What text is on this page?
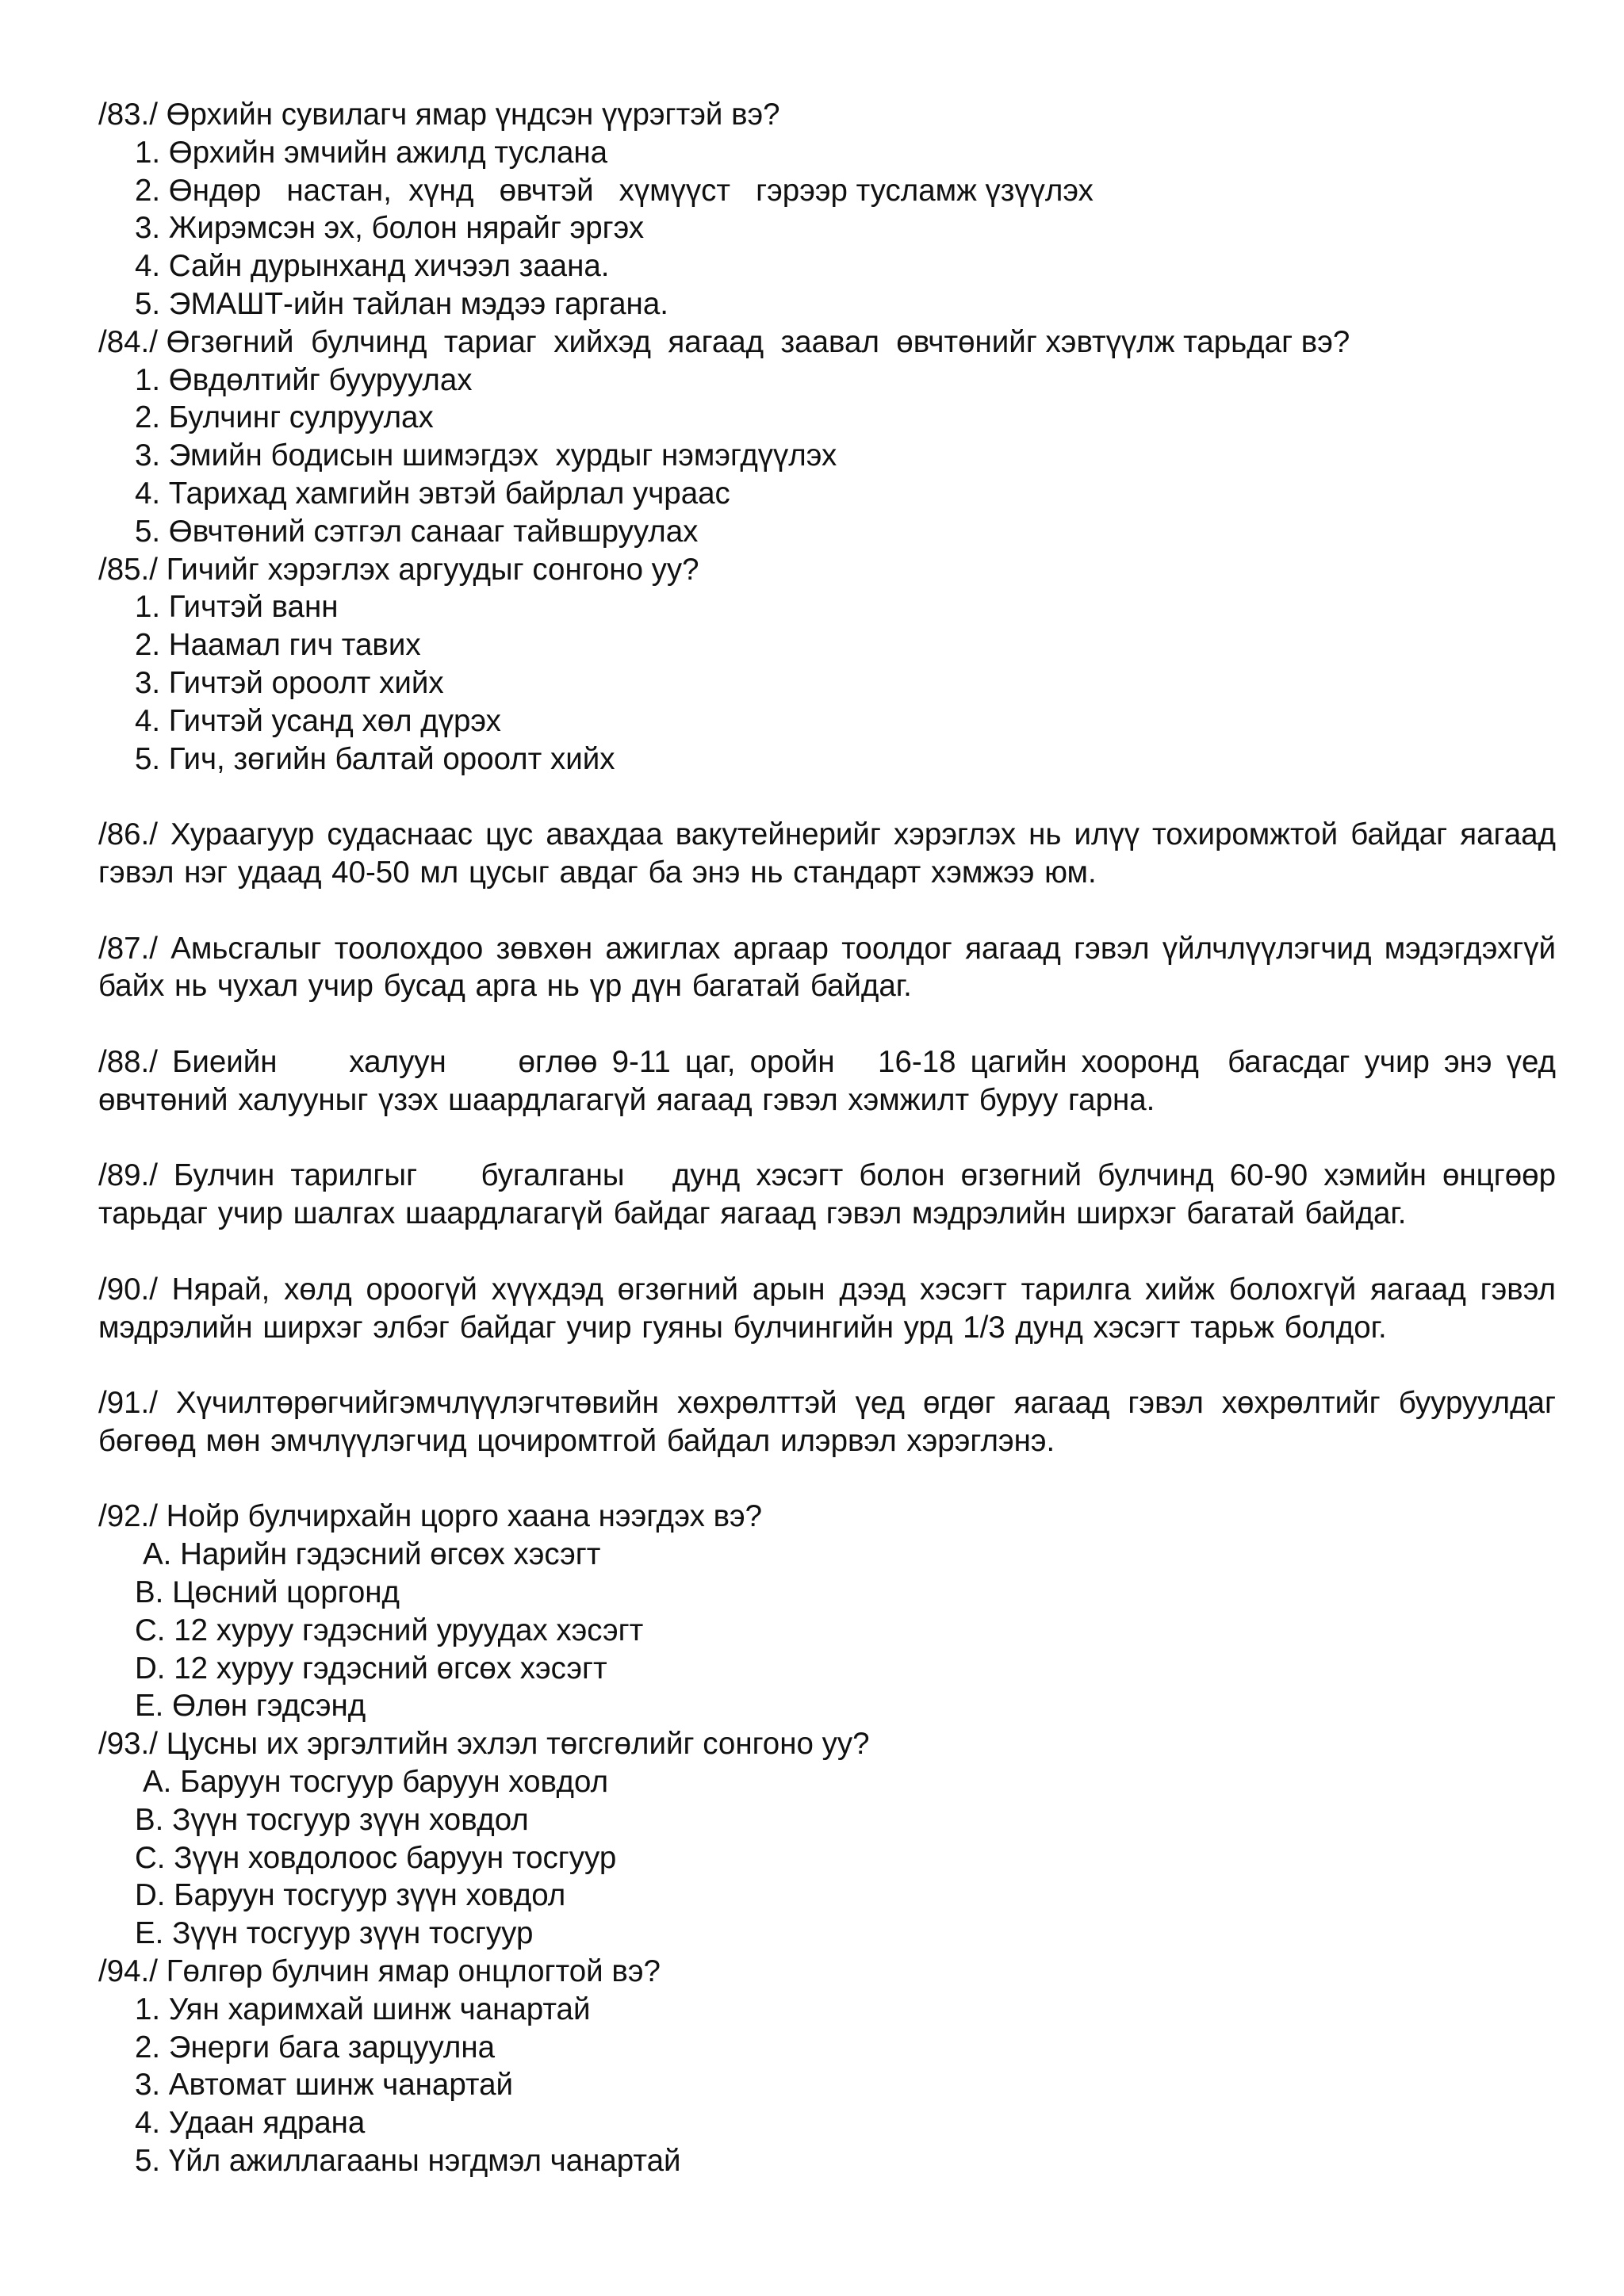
/83./ Өрхийн сувилагч ямар үндсэн үүрэгтэй вэ?

1. Өрхийн эмчийн ажилд туслана

2. Өндөр   настан,  хүнд   өвчтэй   хүмүүст   гэрээр тусламж үзүүлэх

3. Жирэмсэн эх, болон нярайг эргэх

4. Сайн дурынханд хичээл заана.

5. ЭМАШТ-ийн тайлан мэдээ гаргана.

/84./ Өгзөгний  булчинд  тариаг  хийхэд  яагаад  заавал  өвчтөнийг хэвтүүлж тарьдаг вэ?

1. Өвдөлтийг бууруулах

2. Булчинг сулруулах

3. Эмийн бодисын шимэгдэх  хурдыг нэмэгдүүлэх

4. Тарихад хамгийн эвтэй байрлал учраас

5. Өвчтөний сэтгэл санааг тайвшруулах

/85./ Гичийг хэрэглэх аргуудыг сонгоно уу?

1. Гичтэй ванн

2. Наамал гич тавих

3. Гичтэй ороолт хийх

4. Гичтэй усанд хөл дүрэх

5. Гич, зөгийн балтай ороолт хийх

/86./ Хураагуур судаснаас цус авахдаа вакутейнерийг хэрэглэх нь илүү тохиромжтой байдаг яагаад гэвэл нэг удаад 40-50 мл цусыг авдаг ба энэ нь стандарт хэмжээ юм.

/87./ Амьсгалыг тоолохдоо зөвхөн ажиглах аргаар тоолдог яагаад гэвэл үйлчлүүлэгчид мэдэгдэхгүй байх нь чухал учир бусад арга нь үр дүн багатай байдаг.

/88./ Биеийн     халуун     өглөө 9-11 цаг, оройн   16-18 цагийн хооронд  багасдаг учир энэ үед өвчтөний халууныг үзэх шаардлагагүй яагаад гэвэл хэмжилт буруу гарна.

/89./ Булчин тарилгыг    бугалганы   дунд хэсэгт болон өгзөгний булчинд 60-90 хэмийн өнцгөөр тарьдаг учир шалгах шаардлагагүй байдаг яагаад гэвэл мэдрэлийн ширхэг багатай байдаг.

/90./ Нярай, хөлд ороогүй хүүхдэд өгзөгний арын дээд хэсэгт тарилга хийж болохгүй яагаад гэвэл мэдрэлийн ширхэг элбэг байдаг учир гуяны булчингийн урд 1/3 дунд хэсэгт тарьж болдог.

/91./ Хүчилтөрөгчийгэмчлүүлэгчтөвийн хөхрөлттэй үед өгдөг яагаад гэвэл хөхрөлтийг бууруулдаг бөгөөд мөн эмчлүүлэгчид цочиромтгой байдал илэрвэл хэрэглэнэ.

/92./ Нойр булчирхайн цорго хаана нээгдэх вэ?

A. Нарийн гэдэсний өгсөх хэсэгт

B. Цөсний цоргонд

C. 12 хуруу гэдэсний уруудах хэсэгт

D. 12 хуруу гэдэсний өгсөх хэсэгт

E. Өлөн гэдсэнд

/93./ Цусны их эргэлтийн эхлэл төгсгөлийг сонгоно уу?

A. Баруун тосгуур баруун ховдол

B. Зүүн тосгуур зүүн ховдол

C. Зүүн ховдолоос баруун тосгуур

D. Баруун тосгуур зүүн ховдол

E. Зүүн тосгуур зүүн тосгуур

/94./ Гөлгөр булчин ямар онцлогтой вэ?

1. Уян харимхай шинж чанартай

2. Энерги бага зарцуулна

3. Автомат шинж чанартай

4. Удаан ядрана

5. Үйл ажиллагааны нэгдмэл чанартай
